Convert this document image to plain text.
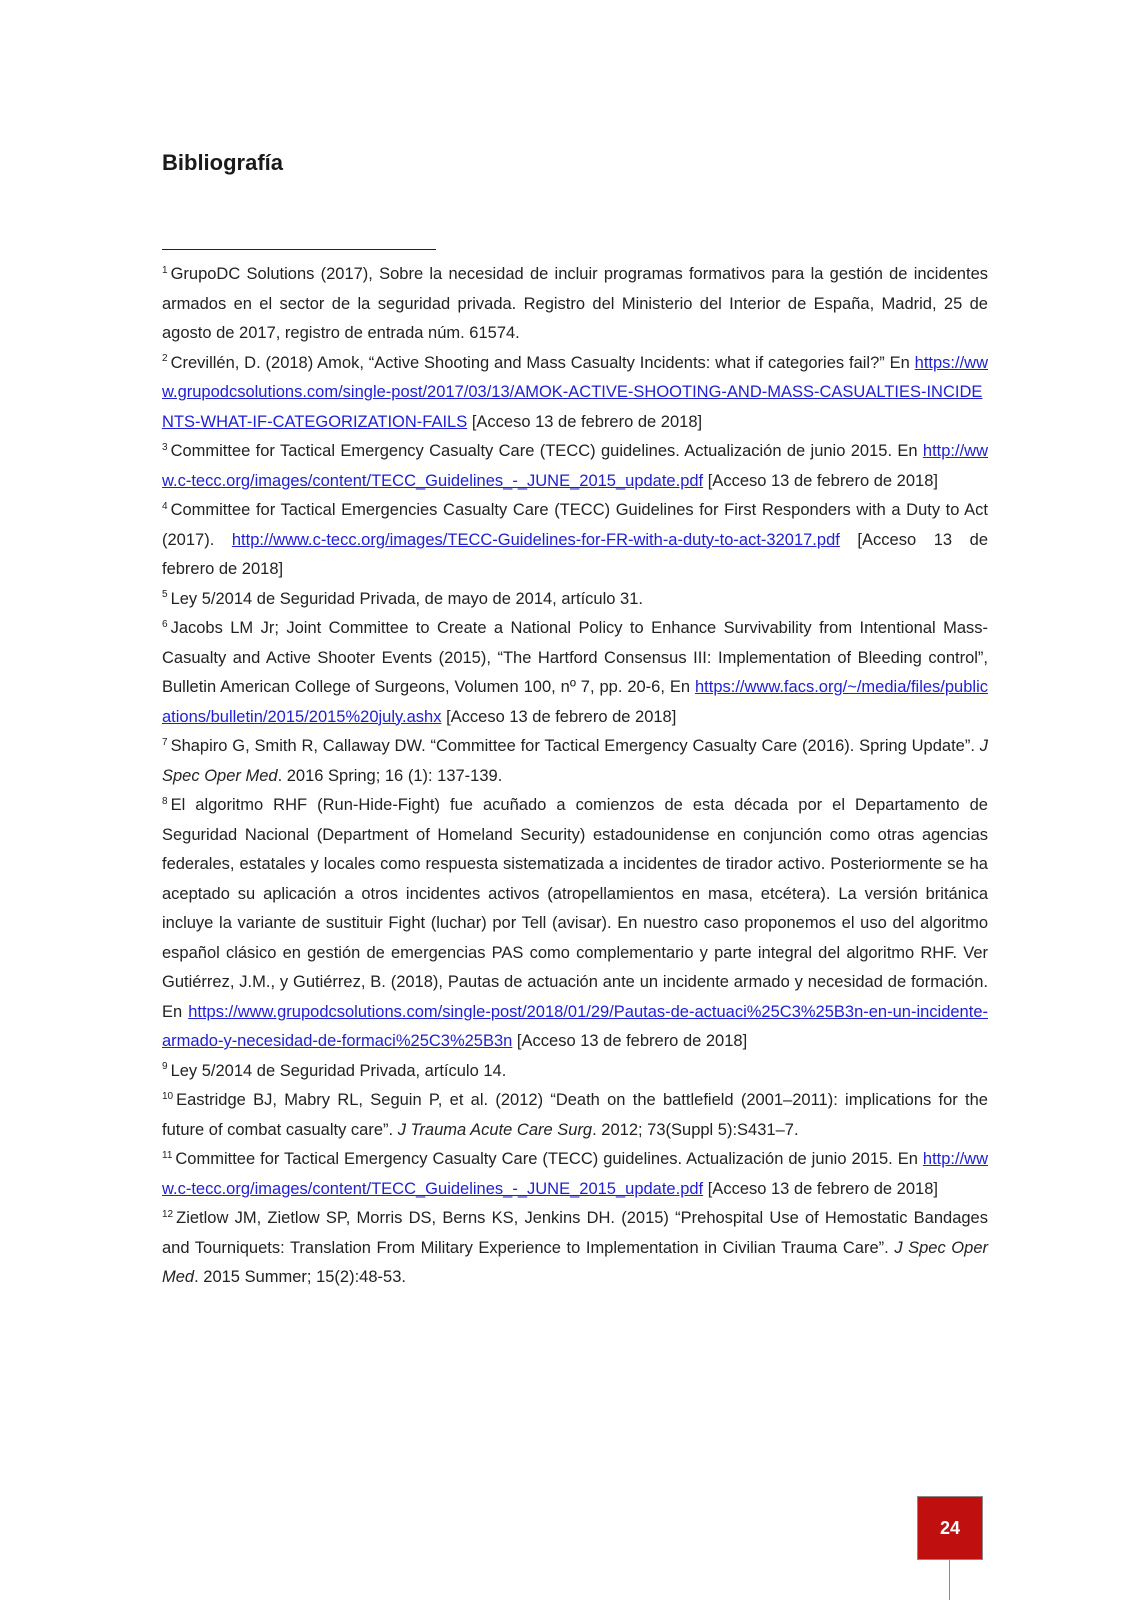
Bibliografía

$^1$ GrupoDC Solutions (2017), Sobre la necesidad de incluir programas formativos para la gestión de incidentes armados en el sector de la seguridad privada. Registro del Ministerio del Interior de España, Madrid, 25 de agosto de 2017, registro de entrada núm. 61574.

$^2$ Crevillén, D. (2018) Amok, “Active Shooting and Mass Casualty Incidents: what if categories fail?” En https://www.grupodcsolutions.com/single-post/2017/03/13/AMOK-ACTIVE-SHOOTING-AND-MASS-CASUALTIES-INCIDENTS-WHAT-IF-CATEGORIZATION-FAILS [Acceso 13 de febrero de 2018]

$^3$ Committee for Tactical Emergency Casualty Care (TECC) guidelines. Actualización de junio 2015. En http://www.c-tecc.org/images/content/TECC_Guidelines_-_JUNE_2015_update.pdf [Acceso 13 de febrero de 2018]

$^4$ Committee for Tactical Emergencies Casualty Care (TECC) Guidelines for First Responders with a Duty to Act (2017). http://www.c-tecc.org/images/TECC-Guidelines-for-FR-with-a-duty-to-act-32017.pdf [Acceso 13 de febrero de 2018]

$^5$ Ley 5/2014 de Seguridad Privada, de mayo de 2014, artículo 31.

$^6$ Jacobs LM Jr; Joint Committee to Create a National Policy to Enhance Survivability from Intentional Mass-Casualty and Active Shooter Events (2015), “The Hartford Consensus III: Implementation of Bleeding control”, Bulletin American College of Surgeons, Volumen 100, nº 7, pp. 20-6, En https://www.facs.org/~/media/files/publications/bulletin/2015/2015%20july.ashx [Acceso 13 de febrero de 2018]

$^7$ Shapiro G, Smith R, Callaway DW. “Committee for Tactical Emergency Casualty Care (2016). Spring Update”. J Spec Oper Med. 2016 Spring; 16 (1): 137-139.

$^8$ El algoritmo RHF (Run-Hide-Fight) fue acuñado a comienzos de esta década por el Departamento de Seguridad Nacional (Department of Homeland Security) estadounidense en conjunción como otras agencias federales, estatales y locales como respuesta sistematizada a incidentes de tirador activo. Posteriormente se ha aceptado su aplicación a otros incidentes activos (atropellamientos en masa, etcétera). La versión británica incluye la variante de sustituir Fight (luchar) por Tell (avisar). En nuestro caso proponemos el uso del algoritmo español clásico en gestión de emergencias PAS como complementario y parte integral del algoritmo RHF. Ver Gutiérrez, J.M., y Gutiérrez, B. (2018), Pautas de actuación ante un incidente armado y necesidad de formación. En https://www.grupodcsolutions.com/single-post/2018/01/29/Pautas-de-actuaci%25C3%25B3n-en-un-incidente-armado-y-necesidad-de-formaci%25C3%25B3n [Acceso 13 de febrero de 2018]

$^9$ Ley 5/2014 de Seguridad Privada, artículo 14.

$^{10}$ Eastridge BJ, Mabry RL, Seguin P, et al. (2012) “Death on the battlefield (2001–2011): implications for the future of combat casualty care”. J Trauma Acute Care Surg. 2012; 73(Suppl 5):S431–7.

$^{11}$ Committee for Tactical Emergency Casualty Care (TECC) guidelines. Actualización de junio 2015. En http://www.c-tecc.org/images/content/TECC_Guidelines_-_JUNE_2015_update.pdf [Acceso 13 de febrero de 2018]

$^{12}$ Zietlow JM, Zietlow SP, Morris DS, Berns KS, Jenkins DH. (2015) “Prehospital Use of Hemostatic Bandages and Tourniquets: Translation From Military Experience to Implementation in Civilian Trauma Care”. J Spec Oper Med. 2015 Summer; 15(2):48-53.

24
